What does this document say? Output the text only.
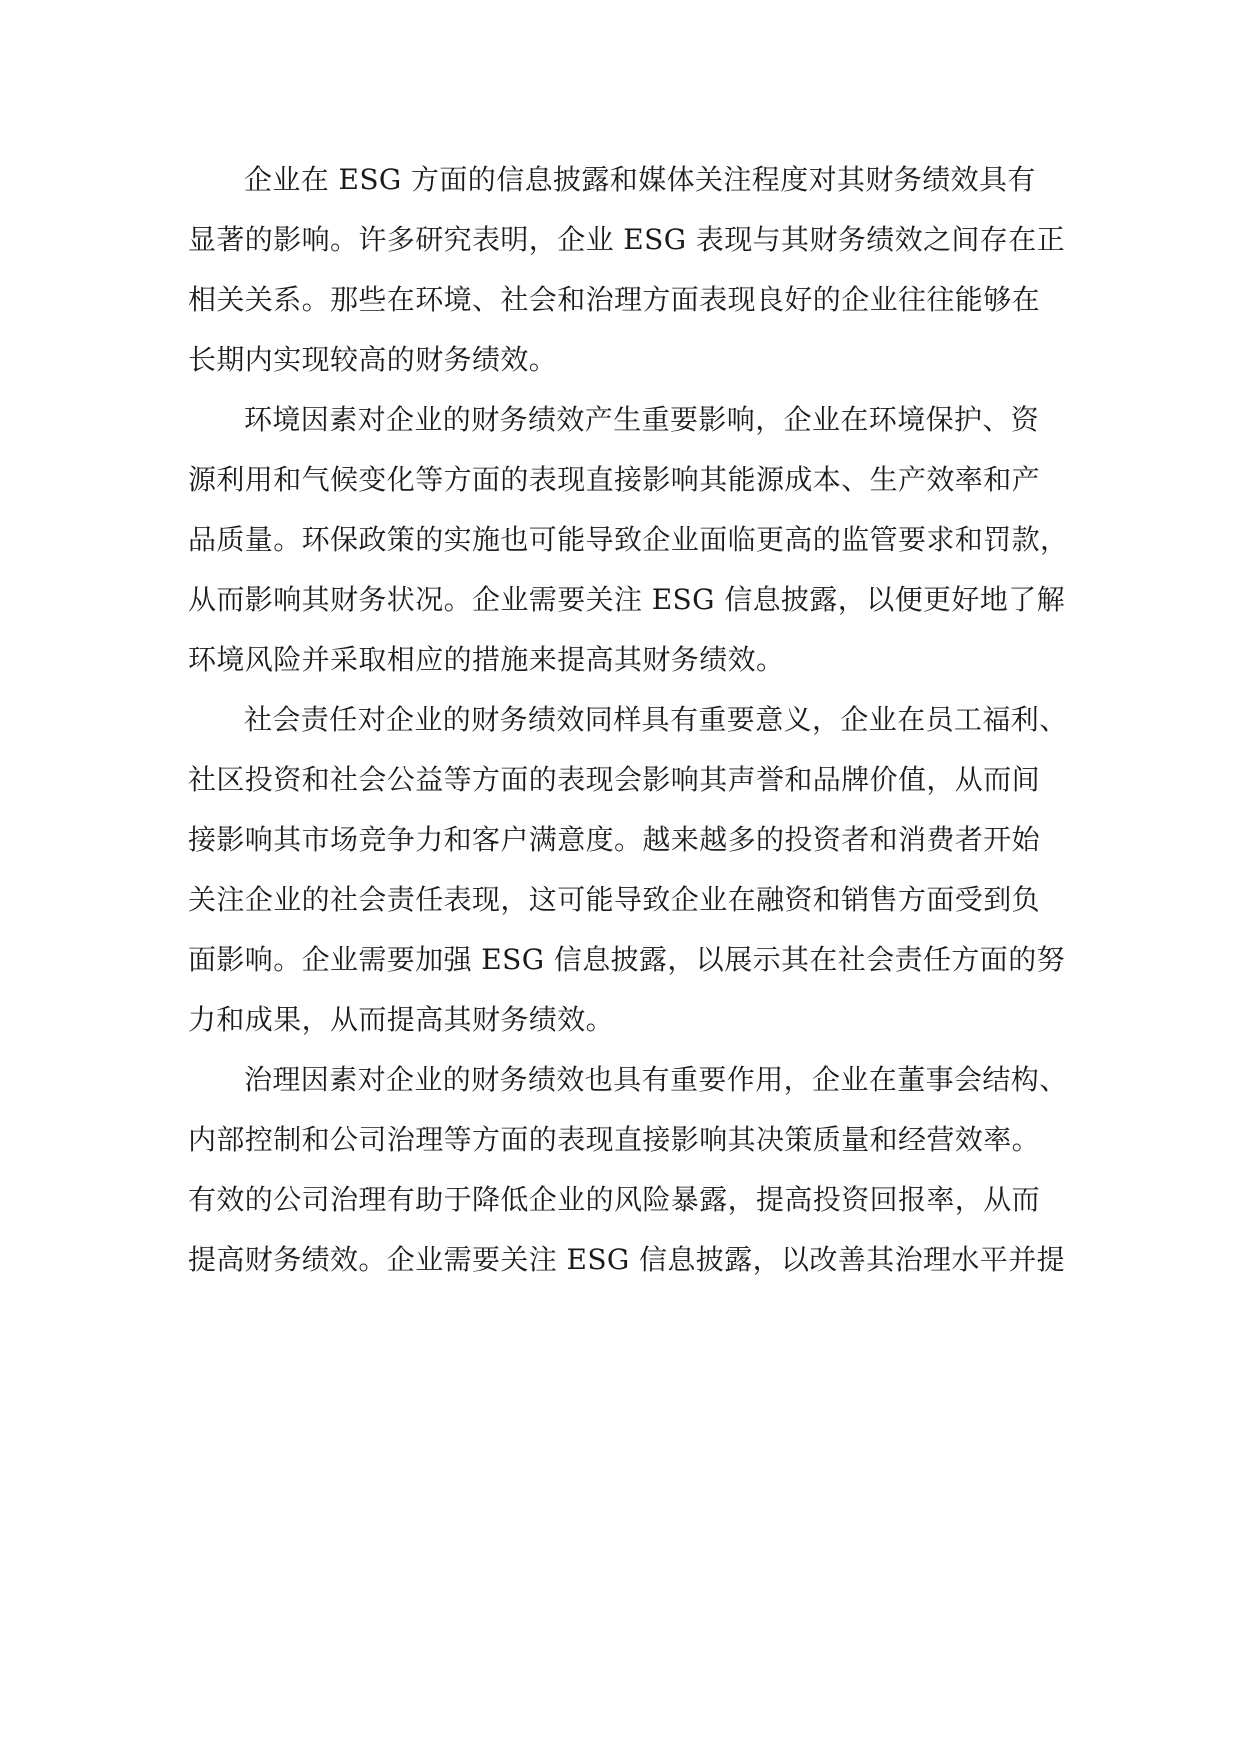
企业在 ESG 方面的信息披露和媒体关注程度对其财务绩效具有
显著的影响。许多研究表明，企业 ESG 表现与其财务绩效之间存在正
相关关系。那些在环境、社会和治理方面表现良好的企业往往能够在
长期内实现较高的财务绩效。
环境因素对企业的财务绩效产生重要影响，企业在环境保护、资
源利用和气候变化等方面的表现直接影响其能源成本、生产效率和产
品质量。环保政策的实施也可能导致企业面临更高的监管要求和罚款，
从而影响其财务状况。企业需要关注 ESG 信息披露，以便更好地了解
环境风险并采取相应的措施来提高其财务绩效。
社会责任对企业的财务绩效同样具有重要意义，企业在员工福利、
社区投资和社会公益等方面的表现会影响其声誉和品牌价值，从而间
接影响其市场竞争力和客户满意度。越来越多的投资者和消费者开始
关注企业的社会责任表现，这可能导致企业在融资和销售方面受到负
面影响。企业需要加强 ESG 信息披露，以展示其在社会责任方面的努
力和成果，从而提高其财务绩效。
治理因素对企业的财务绩效也具有重要作用，企业在董事会结构、
内部控制和公司治理等方面的表现直接影响其决策质量和经营效率。
有效的公司治理有助于降低企业的风险暴露，提高投资回报率，从而
提高财务绩效。企业需要关注 ESG 信息披露，以改善其治理水平并提
